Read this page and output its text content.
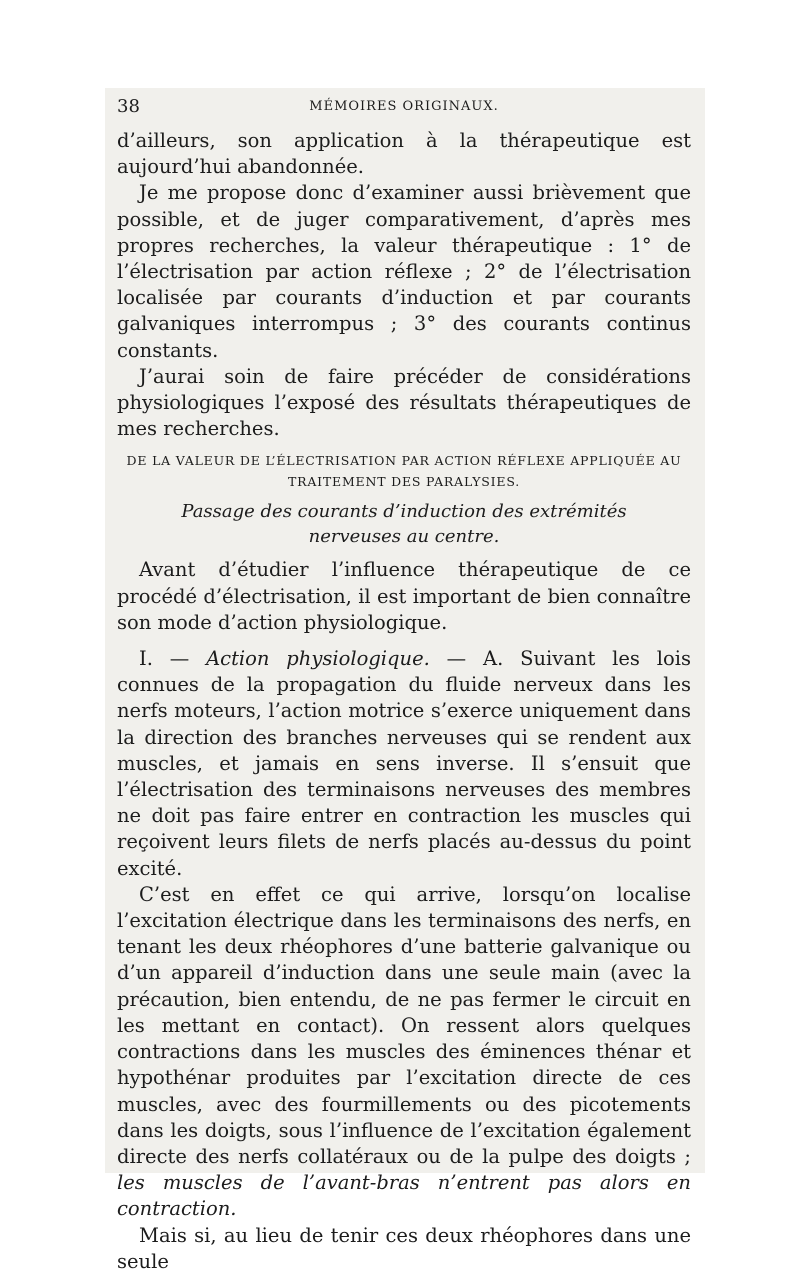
38	MÉMOIRES ORIGINAUX.

d’ailleurs, son application à la thérapeutique est aujourd’hui abandonnée.

Je me propose donc d’examiner aussi brièvement que possible, et de juger comparativement, d’après mes propres recherches, la valeur thérapeutique : 1° de l’électrisation par action réflexe ; 2° de l’électrisation localisée par courants d’induction et par courants galvaniques interrompus ; 3° des courants continus constants.

J’aurai soin de faire précéder de considérations physiologiques l’exposé des résultats thérapeutiques de mes recherches.

DE LA VALEUR DE L’ÉLECTRISATION PAR ACTION RÉFLEXE APPLIQUÉE AU
TRAITEMENT DES PARALYSIES.
Passage des courants d’induction des extrémités nerveuses au centre.

Avant d’étudier l’influence thérapeutique de ce procédé d’électrisation, il est important de bien connaître son mode d’action physiologique.

I. — Action physiologique. — A. Suivant les lois connues de la propagation du fluide nerveux dans les nerfs moteurs, l’action motrice s’exerce uniquement dans la direction des branches nerveuses qui se rendent aux muscles, et jamais en sens inverse. Il s’ensuit que l’électrisation des terminaisons nerveuses des membres ne doit pas faire entrer en contraction les muscles qui reçoivent leurs filets de nerfs placés au-dessus du point excité.

C’est en effet ce qui arrive, lorsqu’on localise l’excitation électrique dans les terminaisons des nerfs, en tenant les deux rhéophores d’une batterie galvanique ou d’un appareil d’induction dans une seule main (avec la précaution, bien entendu, de ne pas fermer le circuit en les mettant en contact). On ressent alors quelques contractions dans les muscles des éminences thénar et hypothénar produites par l’excitation directe de ces muscles, avec des fourmillements ou des picotements dans les doigts, sous l’influence de l’excitation également directe des nerfs collatéraux ou de la pulpe des doigts ; les muscles de l’avant-bras n’entrent pas alors en contraction.

Mais si, au lieu de tenir ces deux rhéophores dans une seule
